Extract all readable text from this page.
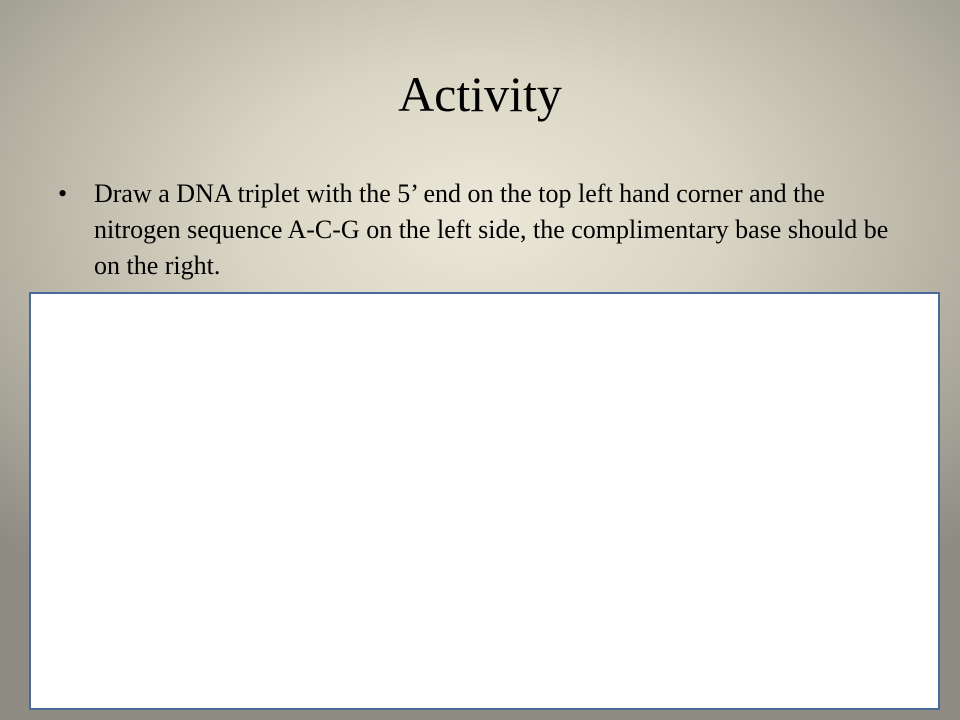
Activity
• Draw a DNA triplet with the 5’ end on the top left hand corner and the nitrogen sequence A-C-G on the left side, the complimentary base should be on the right.
